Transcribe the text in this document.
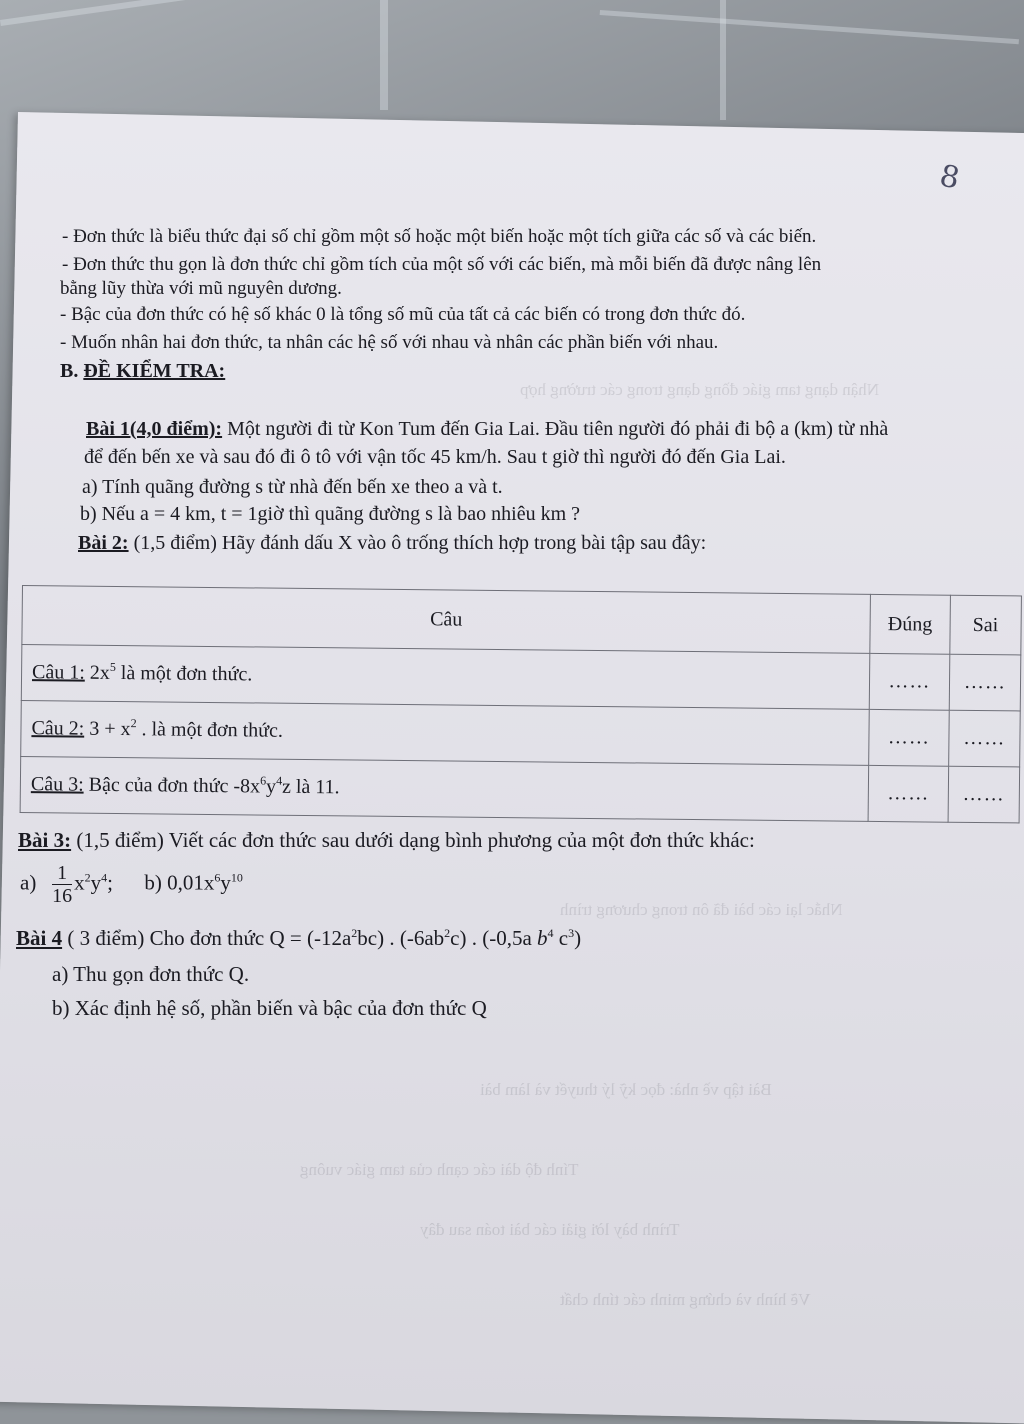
Nhận dạng tam giác đồng dạng trong các trường hợp
Nhắc lại các bài đã ôn trong chương trình
Bài tập về nhà: đọc kỹ lý thuyết và làm bài
Tính độ dài các cạnh của tam giác vuông
Trình bày lời giải các bài toán sau đây
Vẽ hình và chứng minh các tính chất
8
- Đơn thức là biểu thức đại số chỉ gồm một số hoặc một biến hoặc một tích giữa các số và các biến.
- Đơn thức thu gọn là đơn thức chỉ gồm tích của một số với các biến, mà mỗi biến đã được nâng lên
bằng lũy thừa với mũ nguyên dương.
- Bậc của đơn thức có hệ số khác 0 là tổng số mũ của tất cả các biến có trong đơn thức đó.
- Muốn nhân hai đơn thức, ta nhân các hệ số với nhau và nhân các phần biến với nhau.
B. ĐỀ KIỂM TRA:
Bài 1(4,0 điểm): Một người đi từ Kon Tum đến Gia Lai. Đầu tiên người đó phải đi bộ a (km) từ nhà
để đến bến xe và sau đó đi ô tô với vận tốc 45 km/h. Sau t giờ thì người đó đến Gia Lai.
a) Tính quãng đường s từ nhà đến bến xe theo a và t.
b) Nếu a = 4 km, t = 1giờ thì quãng đường s là bao nhiêu km ?
Bài 2: (1,5 điểm) Hãy đánh dấu X vào ô trống thích hợp trong bài tập sau đây:
Câu	Đúng	Sai
Câu 1: $2x^5$ là một đơn thức.	……	……
Câu 2: $3 + x^2$ . là một đơn thức.	……	……
Câu 3: Bậc của đơn thức $-8x^6y^4z$ là 11.	……	……
Bài 3: (1,5 điểm) Viết các đơn thức sau dưới dạng bình phương của một đơn thức khác:
$a) \frac{1}{16} x^2y^4$; b) $0,01x^6y^{10}$
Bài 4 ( 3 điểm) Cho đơn thức $Q = (-12a^2bc)$ . $(-6ab^2c)$ . (-0,5a $b^4$ $c^3$)
a) Thu gọn đơn thức Q.
b) Xác định hệ số, phần biến và bậc của đơn thức Q
